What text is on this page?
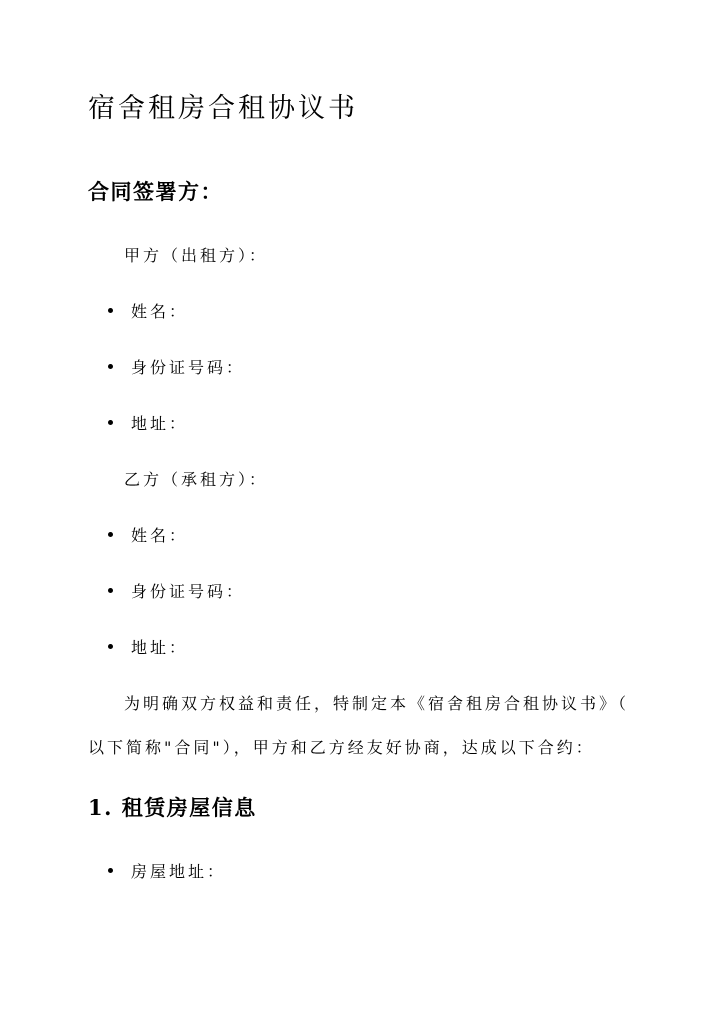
宿舍租房合租协议书
合同签署方：

甲方（出租方）：

姓名：
身份证号码：
地址：

乙方（承租方）：

姓名：
身份证号码：
地址：

为明确双方权益和责任，特制定本《宿舍租房合租协议书》（

以下简称"合同"），甲方和乙方经友好协商，达成以下合约：

1. 租赁房屋信息
房屋地址：
